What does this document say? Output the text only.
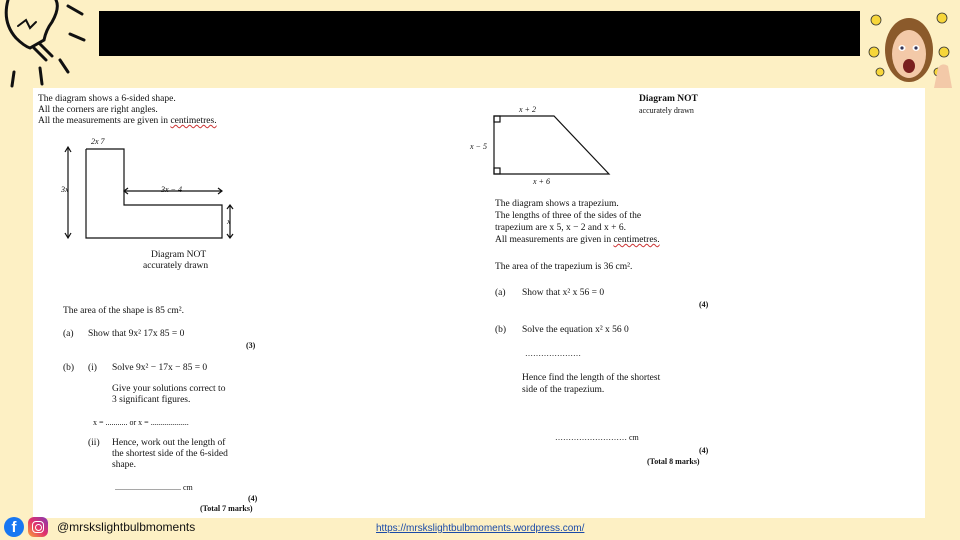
The diagram shows a 6-sided shape.
All the corners are right angles.
All the measurements are given in centimetres.
2x 7
3x	3x − 4
x
Diagram NOT
accurately drawn
The area of the shape is 85 cm².
(a) Show that 9x² 17x 85 = 0
(3)
(b) (i) Solve 9x² − 17x − 85 = 0
Give your solutions correct to
3 significant figures.
x = ........... or x = ...................
(ii) Hence, work out the length of
the shortest side of the 6-sided
shape.
................................. cm
(4)
(Total 7 marks)
Diagram NOT
accurately drawn
x + 2
x − 5
x + 6
The diagram shows a trapezium.
The lengths of three of the sides of the
trapezium are x 5, x − 2 and x + 6.
All measurements are given in centimetres.
The area of the trapezium is 36 cm².
(a) Show that x² x 56 = 0
(4)
(b) Solve the equation x² x 56 0
…………………
Hence find the length of the shortest
side of the trapezium.
……………………… cm
(4)
(Total 8 marks)
f	@mrskslightbulbmoments	https://mrskslightbulbmoments.wordpress.com/
